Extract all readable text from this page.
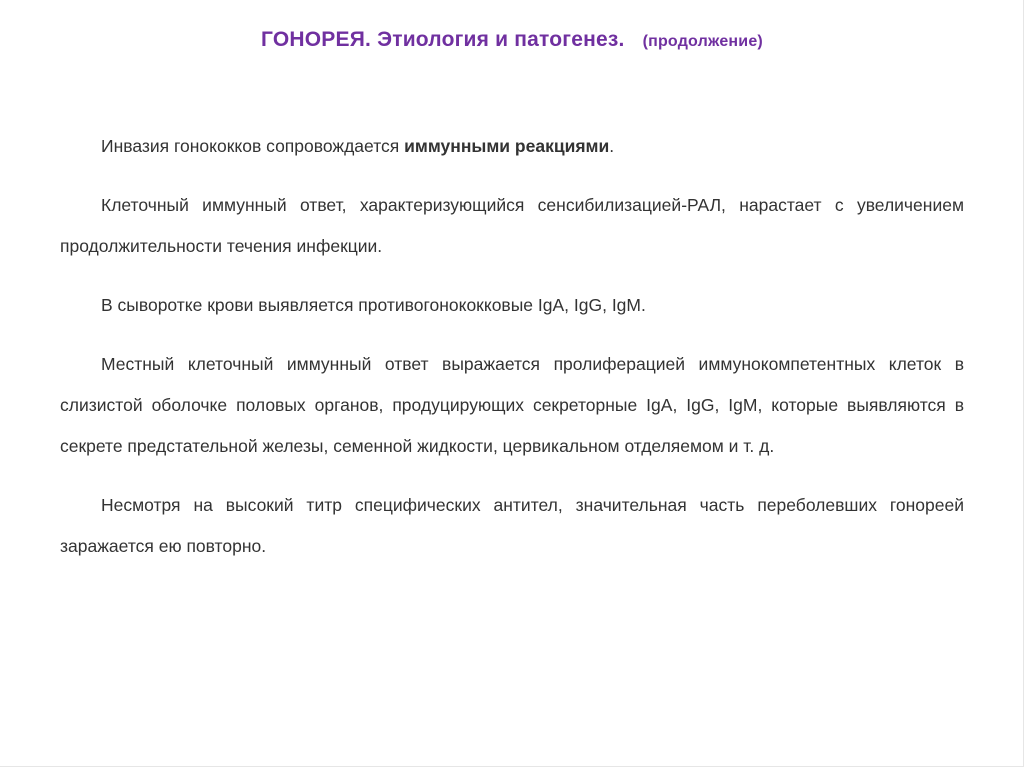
ГОНОРЕЯ. Этиология и патогенез. (продолжение)

Инвазия гонококков сопровождается иммунными реакциями.

Клеточный иммунный ответ, характеризующийся сенсибилизацией-РАЛ, нарастает с увеличением продолжительности течения инфекции.

В сыворотке крови выявляется противогонококковые IgA, IgG, IgM.

Местный клеточный иммунный ответ выражается пролиферацией иммунокомпетентных клеток в слизистой оболочке половых органов, продуцирующих секреторные IgA, IgG, IgM, которые выявляются в секрете предстательной железы, семенной жидкости, цервикальном отделяемом и т. д.

Несмотря на высокий титр специфических антител, значительная часть переболевших гонореей заражается ею повторно.
